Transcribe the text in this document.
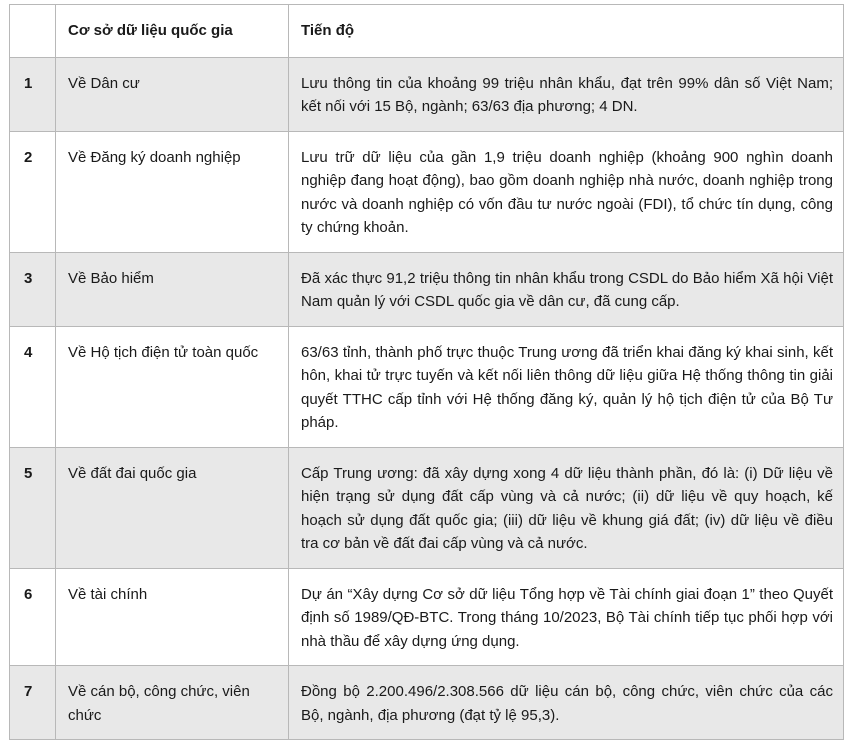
	Cơ sở dữ liệu quốc gia	Tiến độ
1	Về Dân cư	Lưu thông tin của khoảng 99 triệu nhân khẩu, đạt trên 99% dân số Việt Nam; kết nối với 15 Bộ, ngành; 63/63 địa phương; 4 DN.
2	Về Đăng ký doanh nghiệp	Lưu trữ dữ liệu của gần 1,9 triệu doanh nghiệp (khoảng 900 nghìn doanh nghiệp đang hoạt động), bao gồm doanh nghiệp nhà nước, doanh nghiệp trong nước và doanh nghiệp có vốn đầu tư nước ngoài (FDI), tổ chức tín dụng, công ty chứng khoản.
3	Về Bảo hiểm	Đã xác thực 91,2 triệu thông tin nhân khẩu trong CSDL do Bảo hiểm Xã hội Việt Nam quản lý với CSDL quốc gia về dân cư, đã cung cấp.
4	Về Hộ tịch điện tử toàn quốc	63/63 tỉnh, thành phố trực thuộc Trung ương đã triển khai đăng ký khai sinh, kết hôn, khai tử trực tuyến và kết nối liên thông dữ liệu giữa Hệ thống thông tin giải quyết TTHC cấp tỉnh với Hệ thống đăng ký, quản lý hộ tịch điện tử của Bộ Tư pháp.
5	Về đất đai quốc gia	Cấp Trung ương: đã xây dựng xong 4 dữ liệu thành phần, đó là: (i) Dữ liệu về hiện trạng sử dụng đất cấp vùng và cả nước; (ii) dữ liệu về quy hoạch, kế hoạch sử dụng đất quốc gia; (iii) dữ liệu về khung giá đất; (iv) dữ liệu về điều tra cơ bản về đất đai cấp vùng và cả nước.
6	Về tài chính	Dự án “Xây dựng Cơ sở dữ liệu Tổng hợp về Tài chính giai đoạn 1” theo Quyết định số 1989/QĐ-BTC. Trong tháng 10/2023, Bộ Tài chính tiếp tục phối hợp với nhà thầu để xây dựng ứng dụng.
7	Về cán bộ, công chức, viên chức	Đồng bộ 2.200.496/2.308.566 dữ liệu cán bộ, công chức, viên chức của các Bộ, ngành, địa phương (đạt tỷ lệ 95,3).
